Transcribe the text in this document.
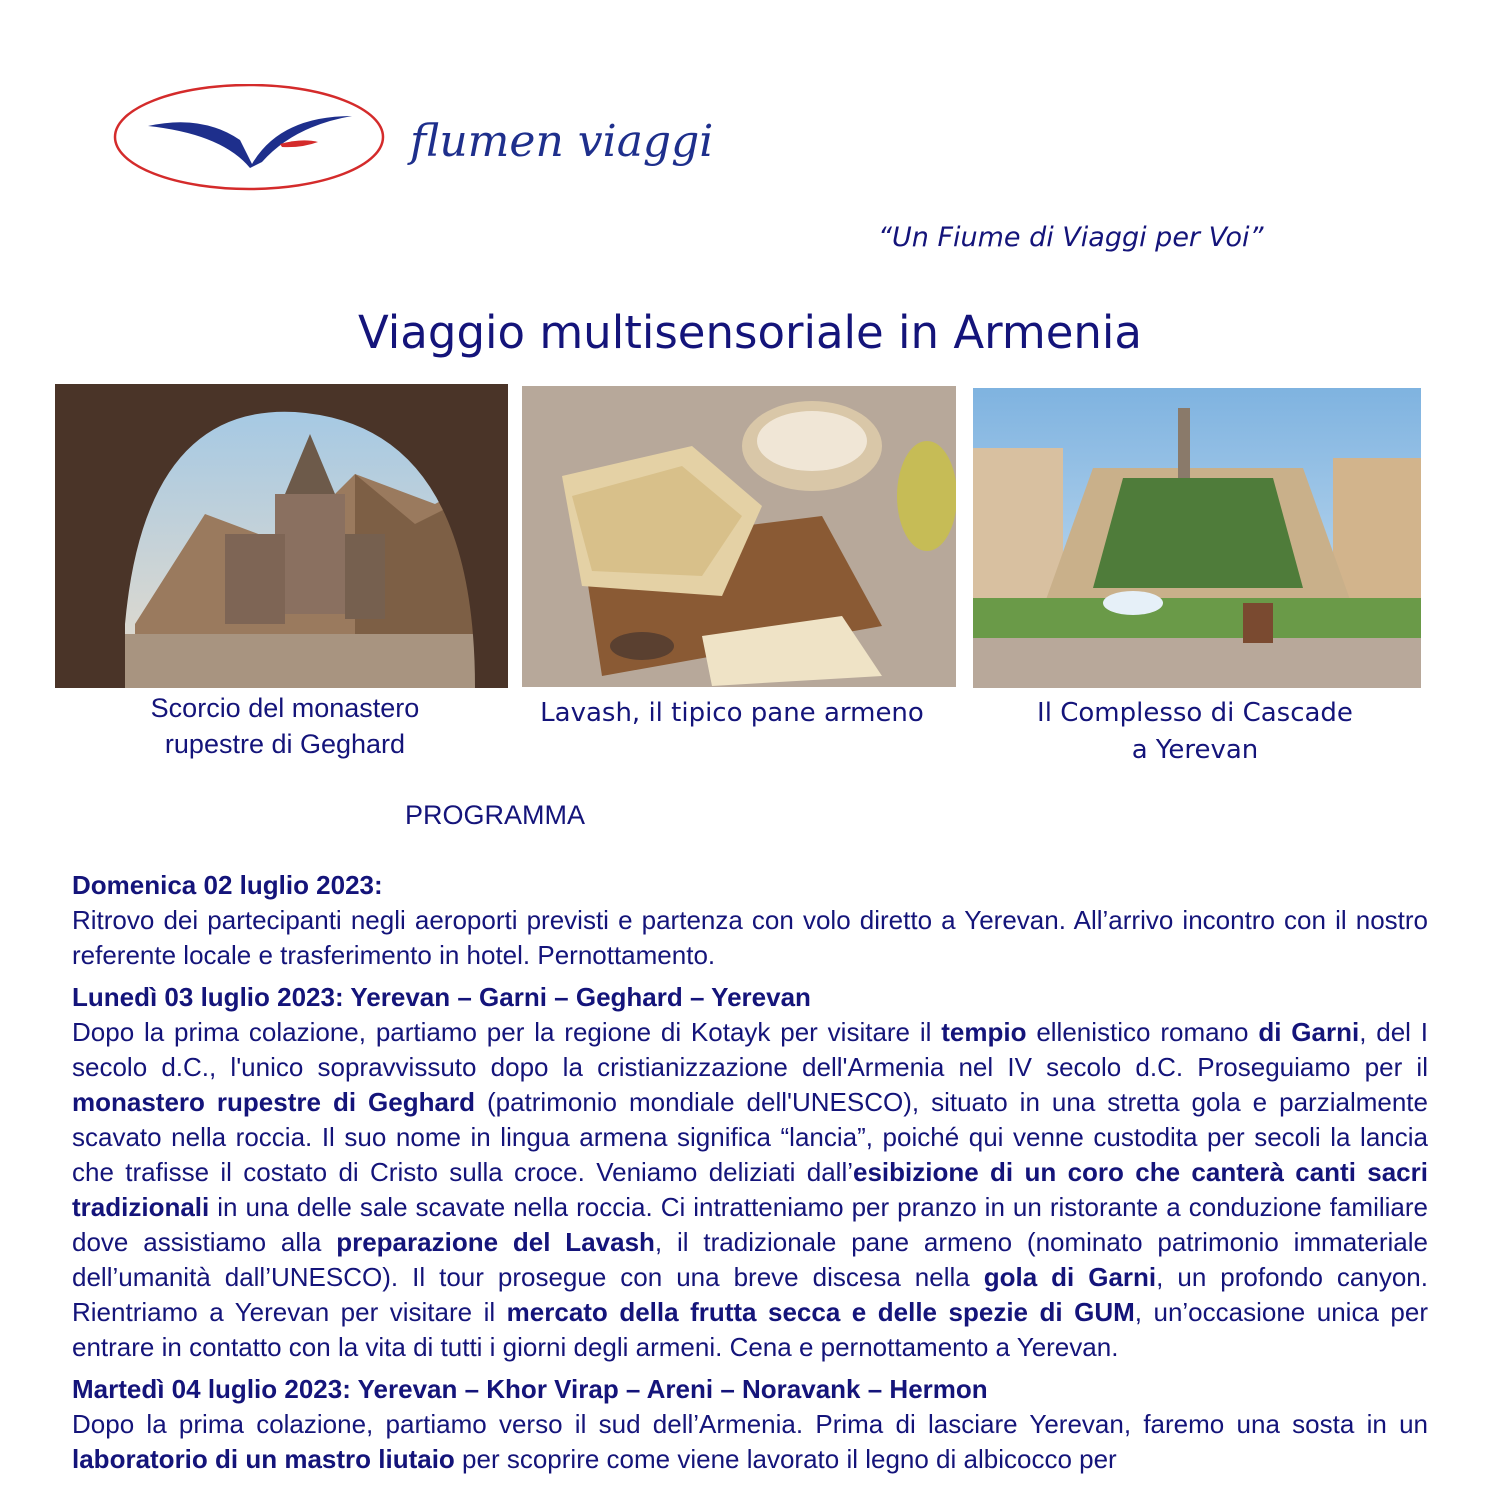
flumen viaggi
“Un Fiume di Viaggi per Voi”
Viaggio multisensoriale in Armenia
Scorcio del monastero
rupestre di Geghard
Lavash, il tipico pane armeno	Il Complesso di Cascade
a Yerevan
PROGRAMMA
Domenica 02 luglio 2023:
Ritrovo dei partecipanti negli aeroporti previsti e partenza con volo diretto a Yerevan. All’arrivo incontro con il nostro referente locale e trasferimento in hotel. Pernottamento.
Lunedì 03 luglio 2023: Yerevan – Garni – Geghard – Yerevan
Dopo la prima colazione, partiamo per la regione di Kotayk per visitare il tempio ellenistico romano di Garni, del I secolo d.C., l'unico sopravvissuto dopo la cristianizzazione dell'Armenia nel IV secolo d.C. Proseguiamo per il monastero rupestre di Geghard (patrimonio mondiale dell'UNESCO), situato in una stretta gola e parzialmente scavato nella roccia. Il suo nome in lingua armena significa “lancia”, poiché qui venne custodita per secoli la lancia che trafisse il costato di Cristo sulla croce. Veniamo deliziati dall’esibizione di un coro che canterà canti sacri tradizionali in una delle sale scavate nella roccia. Ci intratteniamo per pranzo in un ristorante a conduzione familiare dove assistiamo alla preparazione del Lavash, il tradizionale pane armeno (nominato patrimonio immateriale dell’umanità dall’UNESCO). Il tour prosegue con una breve discesa nella gola di Garni, un profondo canyon. Rientriamo a Yerevan per visitare il mercato della frutta secca e delle spezie di GUM, un’occasione unica per entrare in contatto con la vita di tutti i giorni degli armeni. Cena e pernottamento a Yerevan.
Martedì 04 luglio 2023: Yerevan – Khor Virap – Areni – Noravank – Hermon
Dopo la prima colazione, partiamo verso il sud dell’Armenia. Prima di lasciare Yerevan, faremo una sosta in un laboratorio di un mastro liutaio per scoprire come viene lavorato il legno di albicocco per
